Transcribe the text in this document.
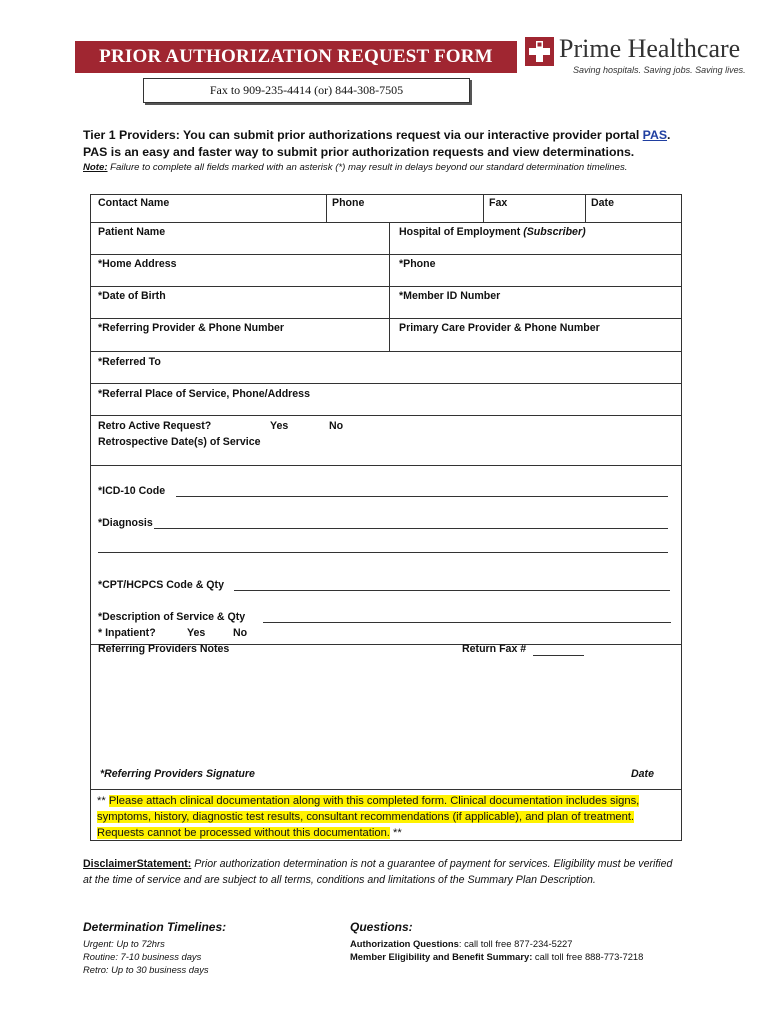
PRIOR AUTHORIZATION REQUEST FORM
Fax to 909-235-4414 (or) 844-308-7505
Prime Healthcare
Saving hospitals. Saving jobs. Saving lives.
Tier 1 Providers: You can submit prior authorizations request via our interactive provider portal PAS.
PAS is an easy and faster way to submit prior authorization requests and view determinations.
Note: Failure to complete all fields marked with an asterisk (*) may result in delays beyond our standard determination timelines.
Contact Name	Phone	Fax	Date
Patient Name	Hospital of Employment (Subscriber)
*Home Address	*Phone
*Date of Birth	*Member ID Number
*Referring Provider & Phone Number	Primary Care Provider & Phone Number
*Referred To
*Referral Place of Service, Phone/Address
Retro Active Request?	Yes	No
Retrospective Date(s) of Service
*ICD-10 Code
*Diagnosis
*CPT/HCPCS Code & Qty
*Description of Service & Qty
* Inpatient?	Yes	No
Referring Providers Notes	Return Fax #
*Referring Providers Signature	Date
** Please attach clinical documentation along with this completed form. Clinical documentation includes signs, symptoms, history, diagnostic test results, consultant recommendations (if applicable), and plan of treatment. Requests cannot be processed without this documentation. **
DisclaimerStatement: Prior authorization determination is not a guarantee of payment for services. Eligibility must be verified at the time of service and are subject to all terms, conditions and limitations of the Summary Plan Description.
Determination Timelines:
Urgent: Up to 72hrs
Routine: 7-10 business days
Retro: Up to 30 business days
Questions:
Authorization Questions: call toll free 877-234-5227
Member Eligibility and Benefit Summary: call toll free 888-773-7218
